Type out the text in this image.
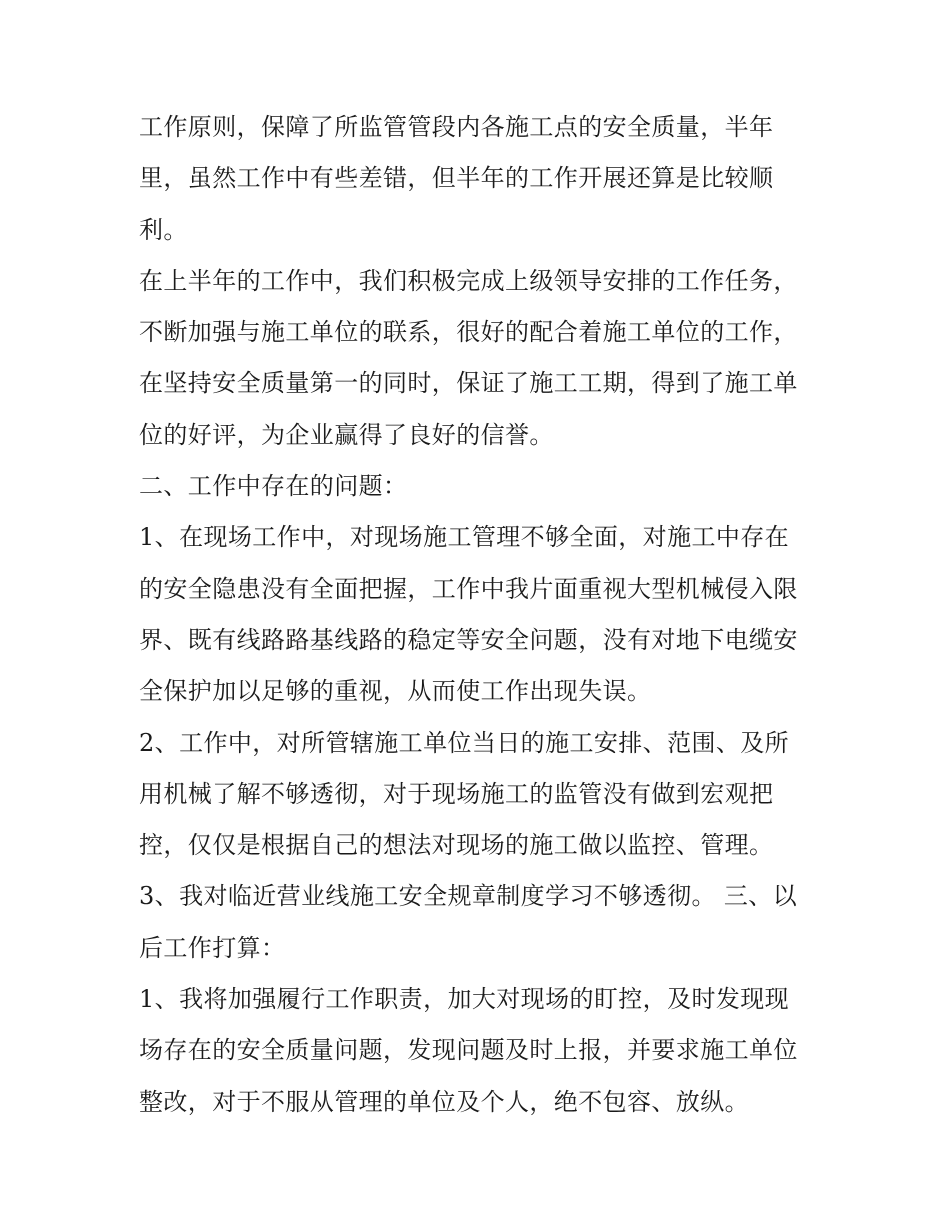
工作原则，保障了所监管管段内各施工点的安全质量，半年
里，虽然工作中有些差错，但半年的工作开展还算是比较顺
利。
在上半年的工作中，我们积极完成上级领导安排的工作任务，
不断加强与施工单位的联系，很好的配合着施工单位的工作，
在坚持安全质量第一的同时，保证了施工工期，得到了施工单
位的好评，为企业赢得了良好的信誉。
二、工作中存在的问题：
1、在现场工作中，对现场施工管理不够全面，对施工中存在
的安全隐患没有全面把握，工作中我片面重视大型机械侵入限
界、既有线路路基线路的稳定等安全问题，没有对地下电缆安
全保护加以足够的重视，从而使工作出现失误。
2、工作中，对所管辖施工单位当日的施工安排、范围、及所
用机械了解不够透彻，对于现场施工的监管没有做到宏观把
控，仅仅是根据自己的想法对现场的施工做以监控、管理。
3、我对临近营业线施工安全规章制度学习不够透彻。 三、以
后工作打算：
1、我将加强履行工作职责，加大对现场的盯控，及时发现现
场存在的安全质量问题，发现问题及时上报，并要求施工单位
整改，对于不服从管理的单位及个人，绝不包容、放纵。
